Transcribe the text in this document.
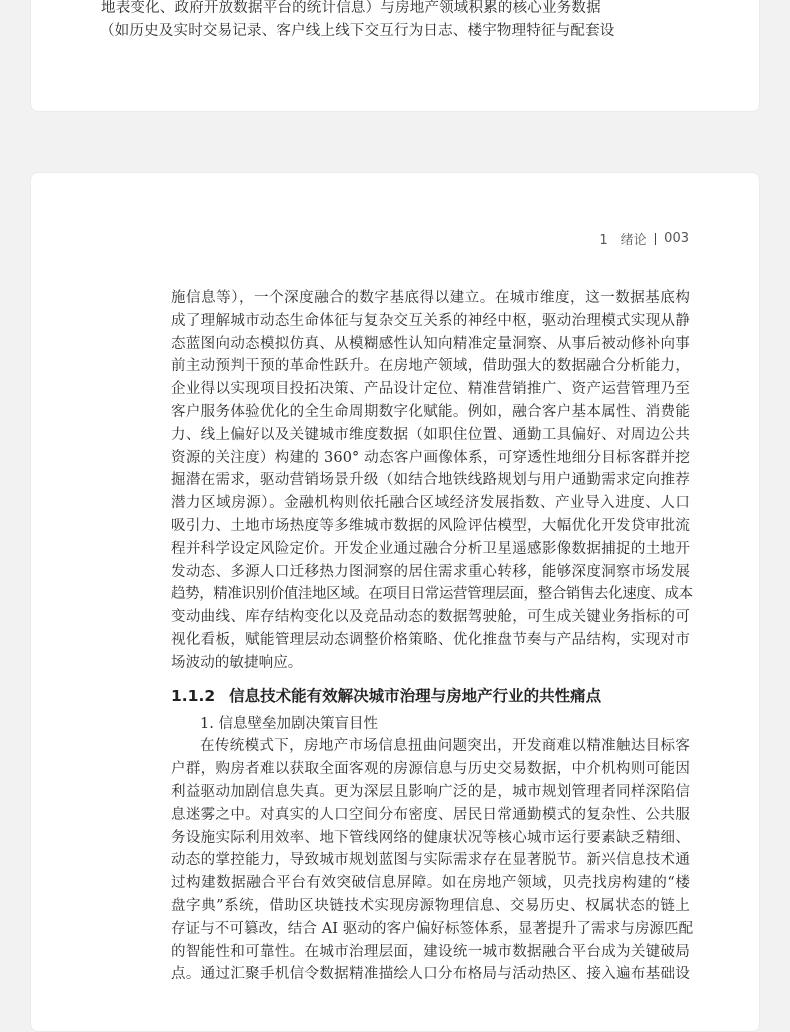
地表变化、政府开放数据平台的统计信息）与房地产领域积累的核心业务数据
（如历史及实时交易记录、客户线上线下交互行为日志、楼宇物理特征与配套设
1　绪论 003
施信息等），一个深度融合的数字基底得以建立。在城市维度，这一数据基底构
成了理解城市动态生命体征与复杂交互关系的神经中枢，驱动治理模式实现从静
态蓝图向动态模拟仿真、从模糊感性认知向精准定量洞察、从事后被动修补向事
前主动预判干预的革命性跃升。在房地产领域，借助强大的数据融合分析能力，
企业得以实现项目投拓决策、产品设计定位、精准营销推广、资产运营管理乃至
客户服务体验优化的全生命周期数字化赋能。例如，融合客户基本属性、消费能
力、线上偏好以及关键城市维度数据（如职住位置、通勤工具偏好、对周边公共
资源的关注度）构建的 360° 动态客户画像体系，可穿透性地细分目标客群并挖
掘潜在需求，驱动营销场景升级（如结合地铁线路规划与用户通勤需求定向推荐
潜力区域房源）。金融机构则依托融合区域经济发展指数、产业导入进度、人口
吸引力、土地市场热度等多维城市数据的风险评估模型，大幅优化开发贷审批流
程并科学设定风险定价。开发企业通过融合分析卫星遥感影像数据捕捉的土地开
发动态、多源人口迁移热力图洞察的居住需求重心转移，能够深度洞察市场发展
趋势，精准识别价值洼地区域。在项目日常运营管理层面，整合销售去化速度、成本
变动曲线、库存结构变化以及竞品动态的数据驾驶舱，可生成关键业务指标的可
视化看板，赋能管理层动态调整价格策略、优化推盘节奏与产品结构，实现对市
场波动的敏捷响应。
1.1.2 信息技术能有效解决城市治理与房地产行业的共性痛点
1. 信息壁垒加剧决策盲目性
在传统模式下，房地产市场信息扭曲问题突出，开发商难以精准触达目标客
户群，购房者难以获取全面客观的房源信息与历史交易数据，中介机构则可能因
利益驱动加剧信息失真。更为深层且影响广泛的是，城市规划管理者同样深陷信
息迷雾之中。对真实的人口空间分布密度、居民日常通勤模式的复杂性、公共服
务设施实际利用效率、地下管线网络的健康状况等核心城市运行要素缺乏精细、
动态的掌控能力，导致城市规划蓝图与实际需求存在显著脱节。新兴信息技术通
过构建数据融合平台有效突破信息屏障。如在房地产领域，贝壳找房构建的“楼
盘字典”系统，借助区块链技术实现房源物理信息、交易历史、权属状态的链上
存证与不可篡改，结合 AI 驱动的客户偏好标签体系，显著提升了需求与房源匹配
的智能性和可靠性。在城市治理层面，建设统一城市数据融合平台成为关键破局
点。通过汇聚手机信令数据精准描绘人口分布格局与活动热区、接入遍布基础设
